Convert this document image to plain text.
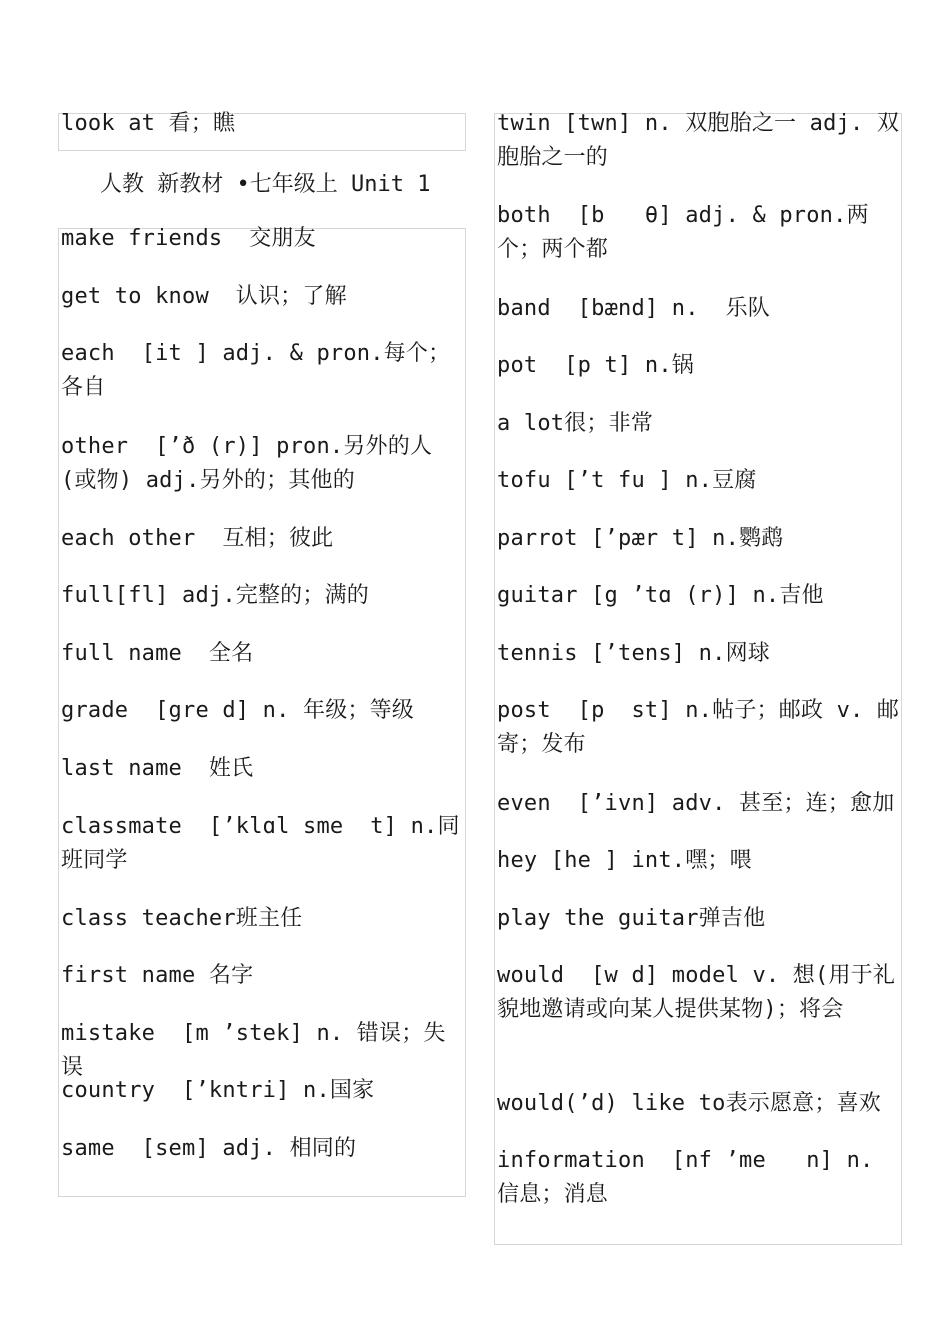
look at 看；瞧

make friends  交朋友

get to know  认识；了解

each  [it ] adj. & pron.每个；各自

other  [’ð (r)] pron.另外的人(或物) adj.另外的；其他的

each other  互相；彼此

full[fl] adj.完整的；满的

full name  全名

grade  [gre d] n. 年级；等级

last name  姓氏

classmate  [’klɑl sme  t] n.同班同学

class teacher班主任

first name 名字

mistake  [m ’stek] n. 错误；失误

country  [’kntri] n.国家

same  [sem] adj. 相同的

人教 新教材 •七年级上 Unit 1

twin [twn] n. 双胞胎之一 adj. 双胞胎之一的

both  [b   θ] adj. & pron.两个；两个都

band  [bænd] n.  乐队

pot  [p t] n.锅

a lot很；非常

tofu [’t fu ] n.豆腐

parrot [’pær t] n.鹦鹉

guitar [g ’tɑ (r)] n.吉他

tennis [’tens] n.网球

post  [p  st] n.帖子；邮政 v. 邮寄；发布

even  [’ivn] adv. 甚至；连；愈加

hey [he ] int.嘿；喂

play the guitar弹吉他

would  [w d] model v. 想(用于礼貌地邀请或向某人提供某物)；将会

would(’d) like to表示愿意；喜欢

information  [nf ’me   n] n. 信息；消息
